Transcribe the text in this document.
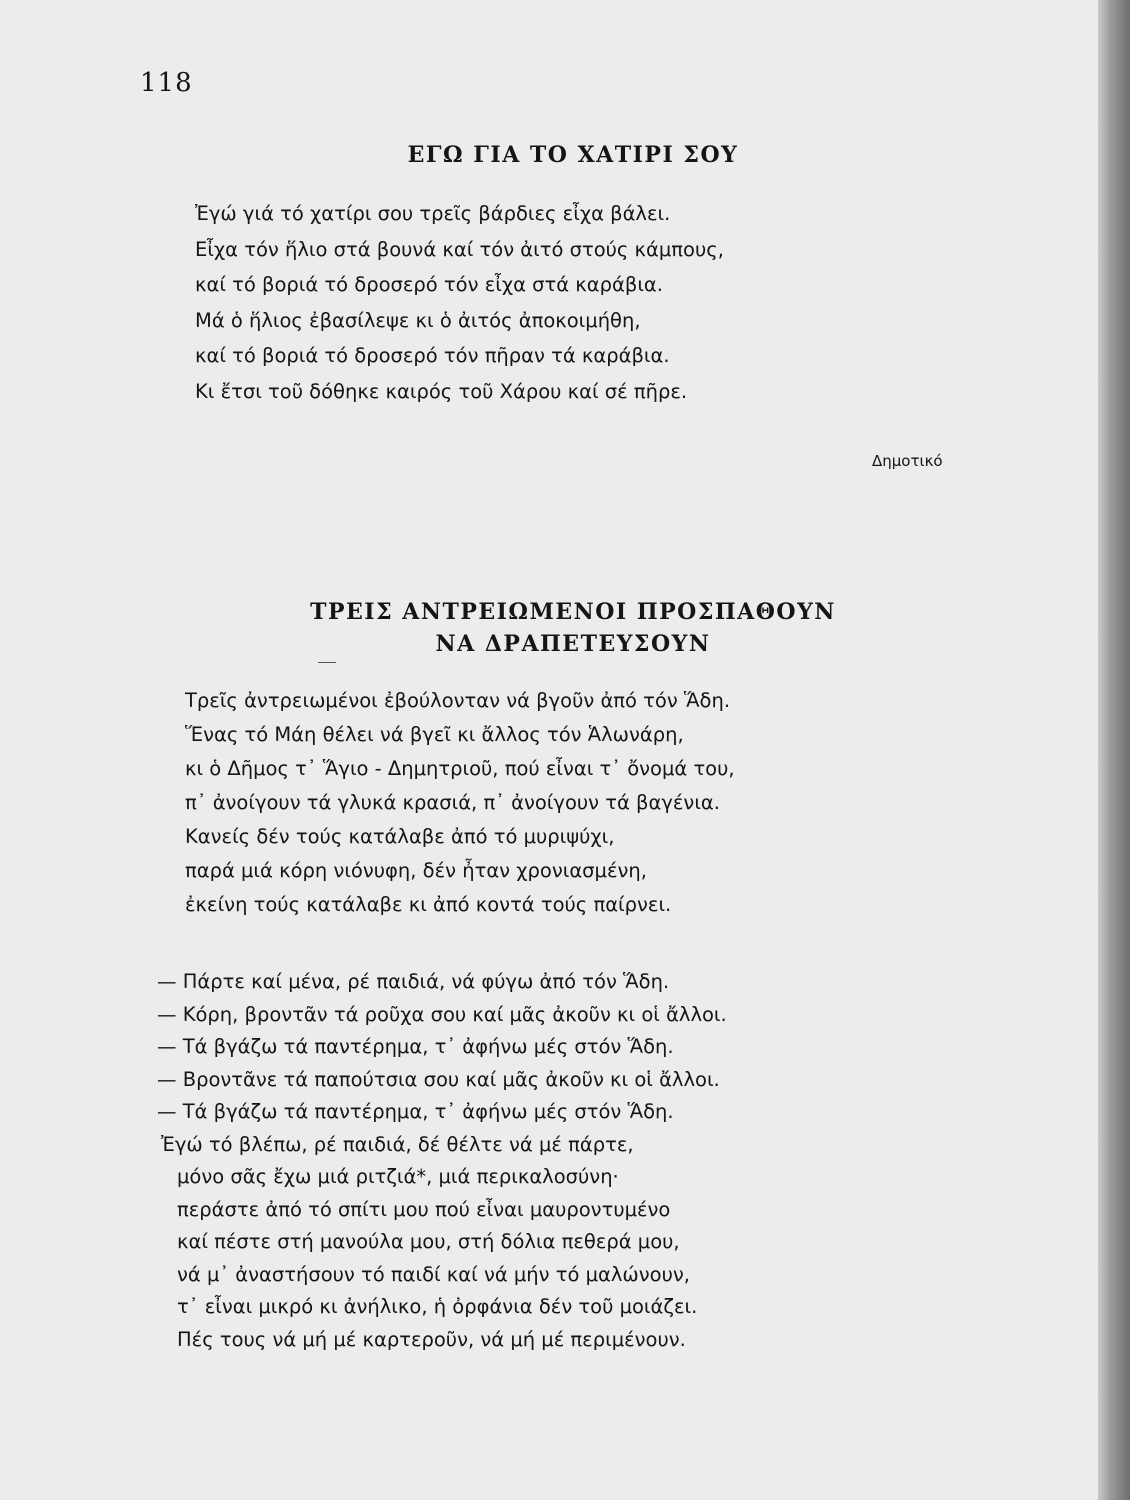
118
ΕΓΩ ΓΙΑ ΤΟ ΧΑΤΙΡΙ ΣΟΥ
Ἐγώ γιά τό χατίρι σου τρεῖς βάρδιες εἶχα βάλει.
Εἶχα τόν ἥλιο στά βουνά καί τόν ἀιτό στούς κάμπους,
καί τό βοριά τό δροσερό τόν εἶχα στά καράβια.
Μά ὁ ἥλιος ἐβασίλεψε κι ὁ ἀιτός ἀποκοιμήθη,
καί τό βοριά τό δροσερό τόν πῆραν τά καράβια.
Κι ἔτσι τοῦ δόθηκε καιρός τοῦ Χάρου καί σέ πῆρε.
Δημοτικό
ΤΡΕΙΣ ΑΝΤΡΕΙΩΜΕΝΟΙ ΠΡΟΣΠΑΘΟΥΝ
ΝΑ ΔΡΑΠΕΤΕΥΣΟΥΝ
Τρεῖς ἀντρειωμένοι ἐβούλονταν νά βγοῦν ἀπό τόν Ἅδη.
Ἕνας τό Μάη θέλει νά βγεῖ κι ἄλλος τόν Ἁλωνάρη,
κι ὁ Δῆμος τ᾿ Ἅγιο - Δημητριοῦ, πού εἶναι τ᾿ ὄνομά του,
π᾿ ἀνοίγουν τά γλυκά κρασιά, π᾿ ἀνοίγουν τά βαγένια.
Κανείς δέν τούς κατάλαβε ἀπό τό μυριψύχι,
παρά μιά κόρη νιόνυφη, δέν ἦταν χρονιασμένη,
ἐκείνη τούς κατάλαβε κι ἀπό κοντά τούς παίρνει.
— Πάρτε καί μένα, ρέ παιδιά, νά φύγω ἀπό τόν Ἅδη.
— Κόρη, βροντᾶν τά ροῦχα σου καί μᾶς ἀκοῦν κι οἱ ἄλλοι.
— Τά βγάζω τά παντέρημα, τ᾿ ἀφήνω μές στόν Ἅδη.
— Βροντᾶνε τά παπούτσια σου καί μᾶς ἀκοῦν κι οἱ ἄλλοι.
— Τά βγάζω τά παντέρημα, τ᾿ ἀφήνω μές στόν Ἅδη.
Ἐγώ τό βλέπω, ρέ παιδιά, δέ θέλτε νά μέ πάρτε,
μόνο σᾶς ἔχω μιά ριτζιά*, μιά περικαλοσύνη·
περάστε ἀπό τό σπίτι μου πού εἶναι μαυροντυμένο
καί πέστε στή μανούλα μου, στή δόλια πεθερά μου,
νά μ᾿ ἀναστήσουν τό παιδί καί νά μήν τό μαλώνουν,
τ᾿ εἶναι μικρό κι ἀνήλικο, ἡ ὀρφάνια δέν τοῦ μοιάζει.
Πές τους νά μή μέ καρτεροῦν, νά μή μέ περιμένουν.
